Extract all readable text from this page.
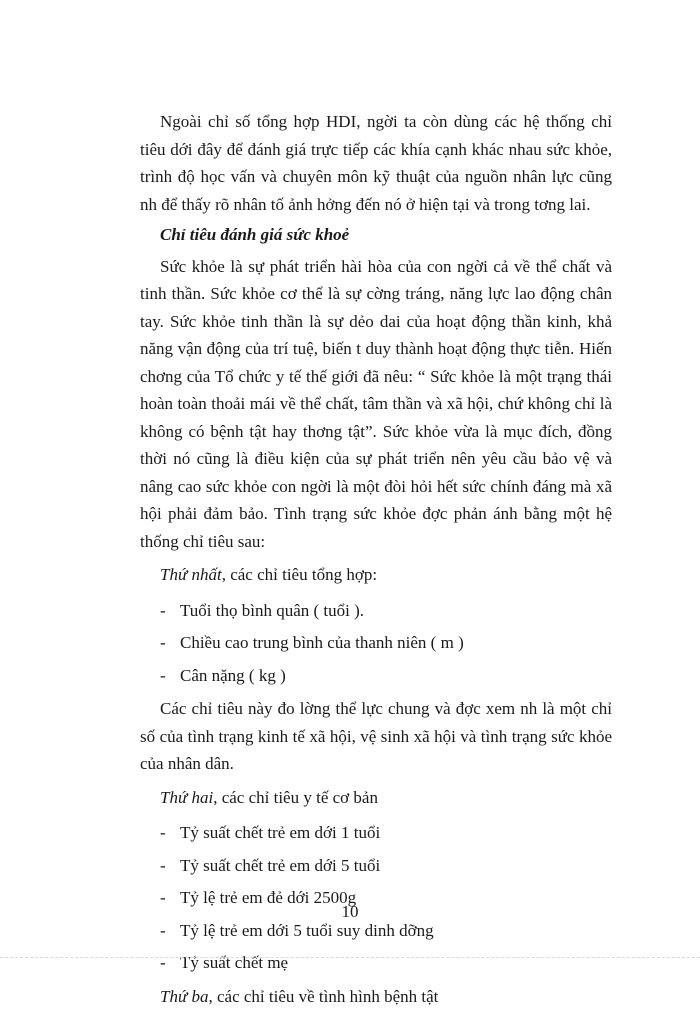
Ngoài chỉ số tổng hợp HDI, ngời ta còn dùng các hệ thống chỉ tiêu dới đây để đánh giá trực tiếp các khía cạnh khác nhau sức khỏe, trình độ học vấn và chuyên môn kỹ thuật của nguồn nhân lực cũng nh để thấy rõ nhân tố ảnh hởng đến nó ở hiện tại và trong tơng lai.

Chỉ tiêu đánh giá sức khoẻ

Sức khỏe là sự phát triển hài hòa của con ngời cả về thể chất và tinh thần. Sức khỏe cơ thể là sự cờng tráng, năng lực lao động chân tay. Sức khỏe tinh thần là sự dẻo dai của hoạt động thần kinh, khả năng vận động của trí tuệ, biến t duy thành hoạt động thực tiễn. Hiến chơng của Tổ chức y tế thế giới đã nêu: “ Sức khỏe là một trạng thái hoàn toàn thoải mái về thể chất, tâm thần và xã hội, chứ không chỉ là không có bệnh tật hay thơng tật”. Sức khỏe vừa là mục đích, đồng thời nó cũng là điều kiện của sự phát triển nên yêu cầu bảo vệ và nâng cao sức khỏe con ngời là một đòi hỏi hết sức chính đáng mà xã hội phải đảm bảo. Tình trạng sức khỏe đợc phản ánh bằng một hệ thống chỉ tiêu sau:

Thứ nhất, các chỉ tiêu tổng hợp:

- Tuổi thọ bình quân ( tuổi ).
- Chiều cao trung bình của thanh niên ( m )
- Cân nặng ( kg )

Các chỉ tiêu này đo lờng thể lực chung và đợc xem nh là một chỉ số của tình trạng kinh tế xã hội, vệ sinh xã hội và tình trạng sức khỏe của nhân dân.

Thứ hai, các chỉ tiêu y tế cơ bản

- Tỷ suất chết trẻ em dới 1 tuổi
- Tỷ suất chết trẻ em dới 5 tuổi
- Tỷ lệ trẻ em đẻ dới 2500g
- Tỷ lệ trẻ em dới 5 tuổi suy dinh dỡng
- Tỷ suất chết mẹ

Thứ ba, các chỉ tiêu về tình hình bệnh tật

10
